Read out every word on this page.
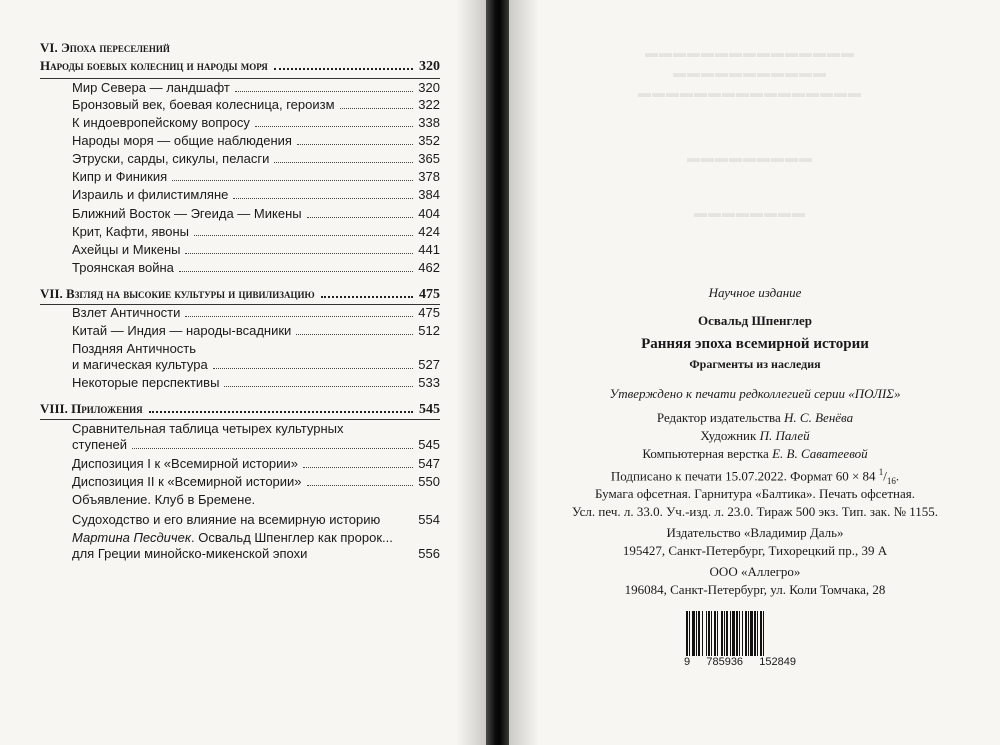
▬▬▬▬▬▬▬▬▬▬▬▬▬▬▬
▬▬▬▬▬▬▬▬▬▬▬
▬▬▬▬▬▬▬▬▬▬▬▬▬▬▬▬
▬▬▬▬▬▬▬▬▬
▬▬▬▬▬▬▬▬
VI. Эпоха переселений
Народы боевых колесниц и народы моря	320
Мир Севера — ландшафт	320
Бронзовый век, боевая колесница, героизм	322
К индоевропейскому вопросу	338
Народы моря — общие наблюдения	352
Этруски, сарды, сикулы, пеласги	365
Кипр и Финикия	378
Израиль и филистимляне	384
Ближний Восток — Эгеида — Микены	404
Крит, Кафти, явоны	424
Ахейцы и Микены	441
Троянская война	462
VII. Взгляд на высокие культуры и цивилизацию	475
Взлет Античности	475
Китай — Индия — народы-всадники	512
Поздняя Античность
и магическая культура	527
Некоторые перспективы	533
VIII. Приложения	545
Сравнительная таблица четырех культурных
ступеней	545
Диспозиция I к «Всемирной истории»	547
Диспозиция II к «Всемирной истории»	550
Объявление. Клуб в Бремене.
Судоходство и его влияние на всемирную историю	554
Мартина Песдичек. Освальд Шпенглер как пророк...
для Греции минойско-микенской эпохи	556
Научное издание
Освальд Шпенглер
Ранняя эпоха всемирной истории
Фрагменты из наследия
Утверждено к печати редколлегией серии «ПОЛІΣ»
Редактор издательства Н. С. Венёва
Художник П. Палей
Компьютерная верстка Е. В. Саватеевой
Подписано к печати 15.07.2022. Формат 60 × 84 $^1/_{16}$.
Бумага офсетная. Гарнитура «Балтика». Печать офсетная.
Усл. печ. л. 33.0. Уч.-изд. л. 23.0. Тираж 500 экз. Тип. зак. № 1155.
Издательство «Владимир Даль»
195427, Санкт-Петербург, Тихорецкий пр., 39 А
ООО «Аллегро»
196084, Санкт-Петербург, ул. Коли Томчака, 28
9 785936 152849
